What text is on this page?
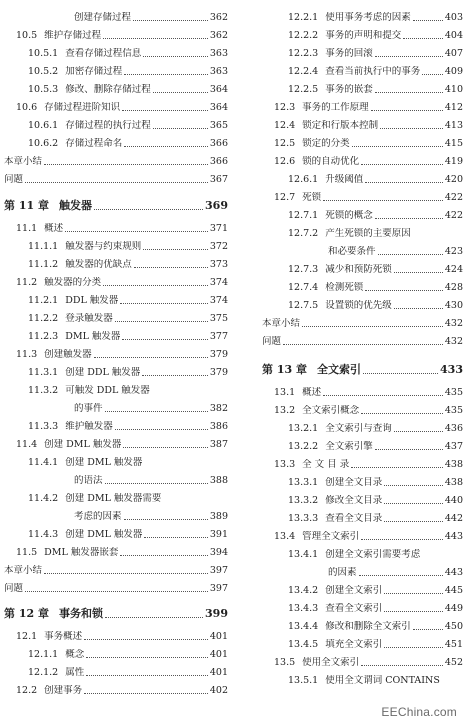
创建存储过程	362
10.5 维护存储过程	362
10.5.1 查看存储过程信息	363
10.5.2 加密存储过程	363
10.5.3 修改、删除存储过程	364
10.6 存储过程进阶知识	364
10.6.1 存储过程的执行过程	365
10.6.2 存储过程命名	366
本章小结	366
问题	367
第 11 章 触发器	369
11.1 概述	371
11.1.1 触发器与约束规则	372
11.1.2 触发器的优缺点	373
11.2 触发器的分类	374
11.2.1 DDL 触发器	374
11.2.2 登录触发器	375
11.2.3 DML 触发器	377
11.3 创建触发器	379
11.3.1 创建 DDL 触发器	379
11.3.2 可触发 DDL 触发器
的事件	382
11.3.3 维护触发器	386
11.4 创建 DML 触发器	387
11.4.1 创建 DML 触发器
的语法	388
11.4.2 创建 DML 触发器需要
考虑的因素	389
11.4.3 创建 DML 触发器	391
11.5 DML 触发器嵌套	394
本章小结	397
问题	397
第 12 章 事务和锁	399
12.1 事务概述	401
12.1.1 概念	401
12.1.2 属性	401
12.2 创建事务	402
12.2.1 使用事务考虑的因素	403
12.2.2 事务的声明和提交	404
12.2.3 事务的回滚	407
12.2.4 查看当前执行中的事务	409
12.2.5 事务的嵌套	410
12.3 事务的工作原理	412
12.4 锁定和行版本控制	413
12.5 锁定的分类	415
12.6 锁的自动优化	419
12.6.1 升级阈值	420
12.7 死锁	422
12.7.1 死锁的概念	422
12.7.2 产生死锁的主要原因
和必要条件	423
12.7.3 减少和预防死锁	424
12.7.4 检测死锁	428
12.7.5 设置锁的优先级	430
本章小结	432
问题	432
第 13 章 全文索引	433
13.1 概述	435
13.2 全文索引概念	435
13.2.1 全文索引与查询	436
13.2.2 全文索引擎	437
13.3 全 文 目 录	438
13.3.1 创建全文目录	438
13.3.2 修改全文目录	440
13.3.3 查看全文目录	442
13.4 管理全文索引	443
13.4.1 创建全文索引需要考虑
的因素	443
13.4.2 创建全文索引	445
13.4.3 查看全文索引	449
13.4.4 修改和删除全文索引	450
13.4.5 填充全文索引	451
13.5 使用全文索引	452
13.5.1 使用全文谓词 CONTAINS
EEChina.com
